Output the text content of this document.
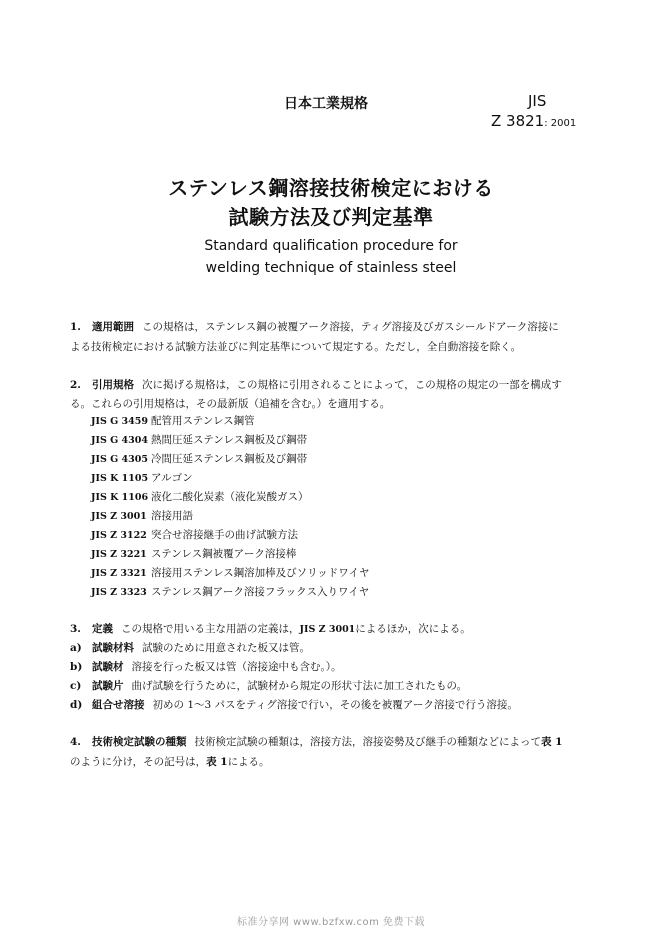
日本工業規格	JIS
Z 3821: 2001
ステンレス鋼溶接技術検定における
試験方法及び判定基準
Standard qualification procedure for
welding technique of stainless steel
1. 適用範囲 この規格は，ステンレス鋼の被覆アーク溶接，ティグ溶接及びガスシールドアーク溶接に
よる技術検定における試験方法並びに判定基準について規定する。ただし，全自動溶接を除く。
2. 引用規格 次に掲げる規格は，この規格に引用されることによって，この規格の規定の一部を構成す
る。これらの引用規格は，その最新版（追補を含む。）を適用する。
JIS G 3459 配管用ステンレス鋼管
JIS G 4304 熱間圧延ステンレス鋼板及び鋼帯
JIS G 4305 冷間圧延ステンレス鋼板及び鋼帯
JIS K 1105 アルゴン
JIS K 1106 液化二酸化炭素（液化炭酸ガス）
JIS Z 3001 溶接用語
JIS Z 3122 突合せ溶接継手の曲げ試験方法
JIS Z 3221 ステンレス鋼被覆アーク溶接棒
JIS Z 3321 溶接用ステンレス鋼溶加棒及びソリッドワイヤ
JIS Z 3323 ステンレス鋼アーク溶接フラックス入りワイヤ
3. 定義 この規格で用いる主な用語の定義は，JIS Z 3001によるほか，次による。
a) 試験材料 試験のために用意された板又は管。
b) 試験材 溶接を行った板又は管（溶接途中も含む。）。
c) 試験片 曲げ試験を行うために，試験材から規定の形状寸法に加工されたもの。
d) 組合せ溶接 初めの 1～3 パスをティグ溶接で行い，その後を被覆アーク溶接で行う溶接。
4. 技術検定試験の種類 技術検定試験の種類は，溶接方法，溶接姿勢及び継手の種類などによって表 1
のように分け，その記号は，表 1による。
标准分享网 www.bzfxw.com 免费下载
